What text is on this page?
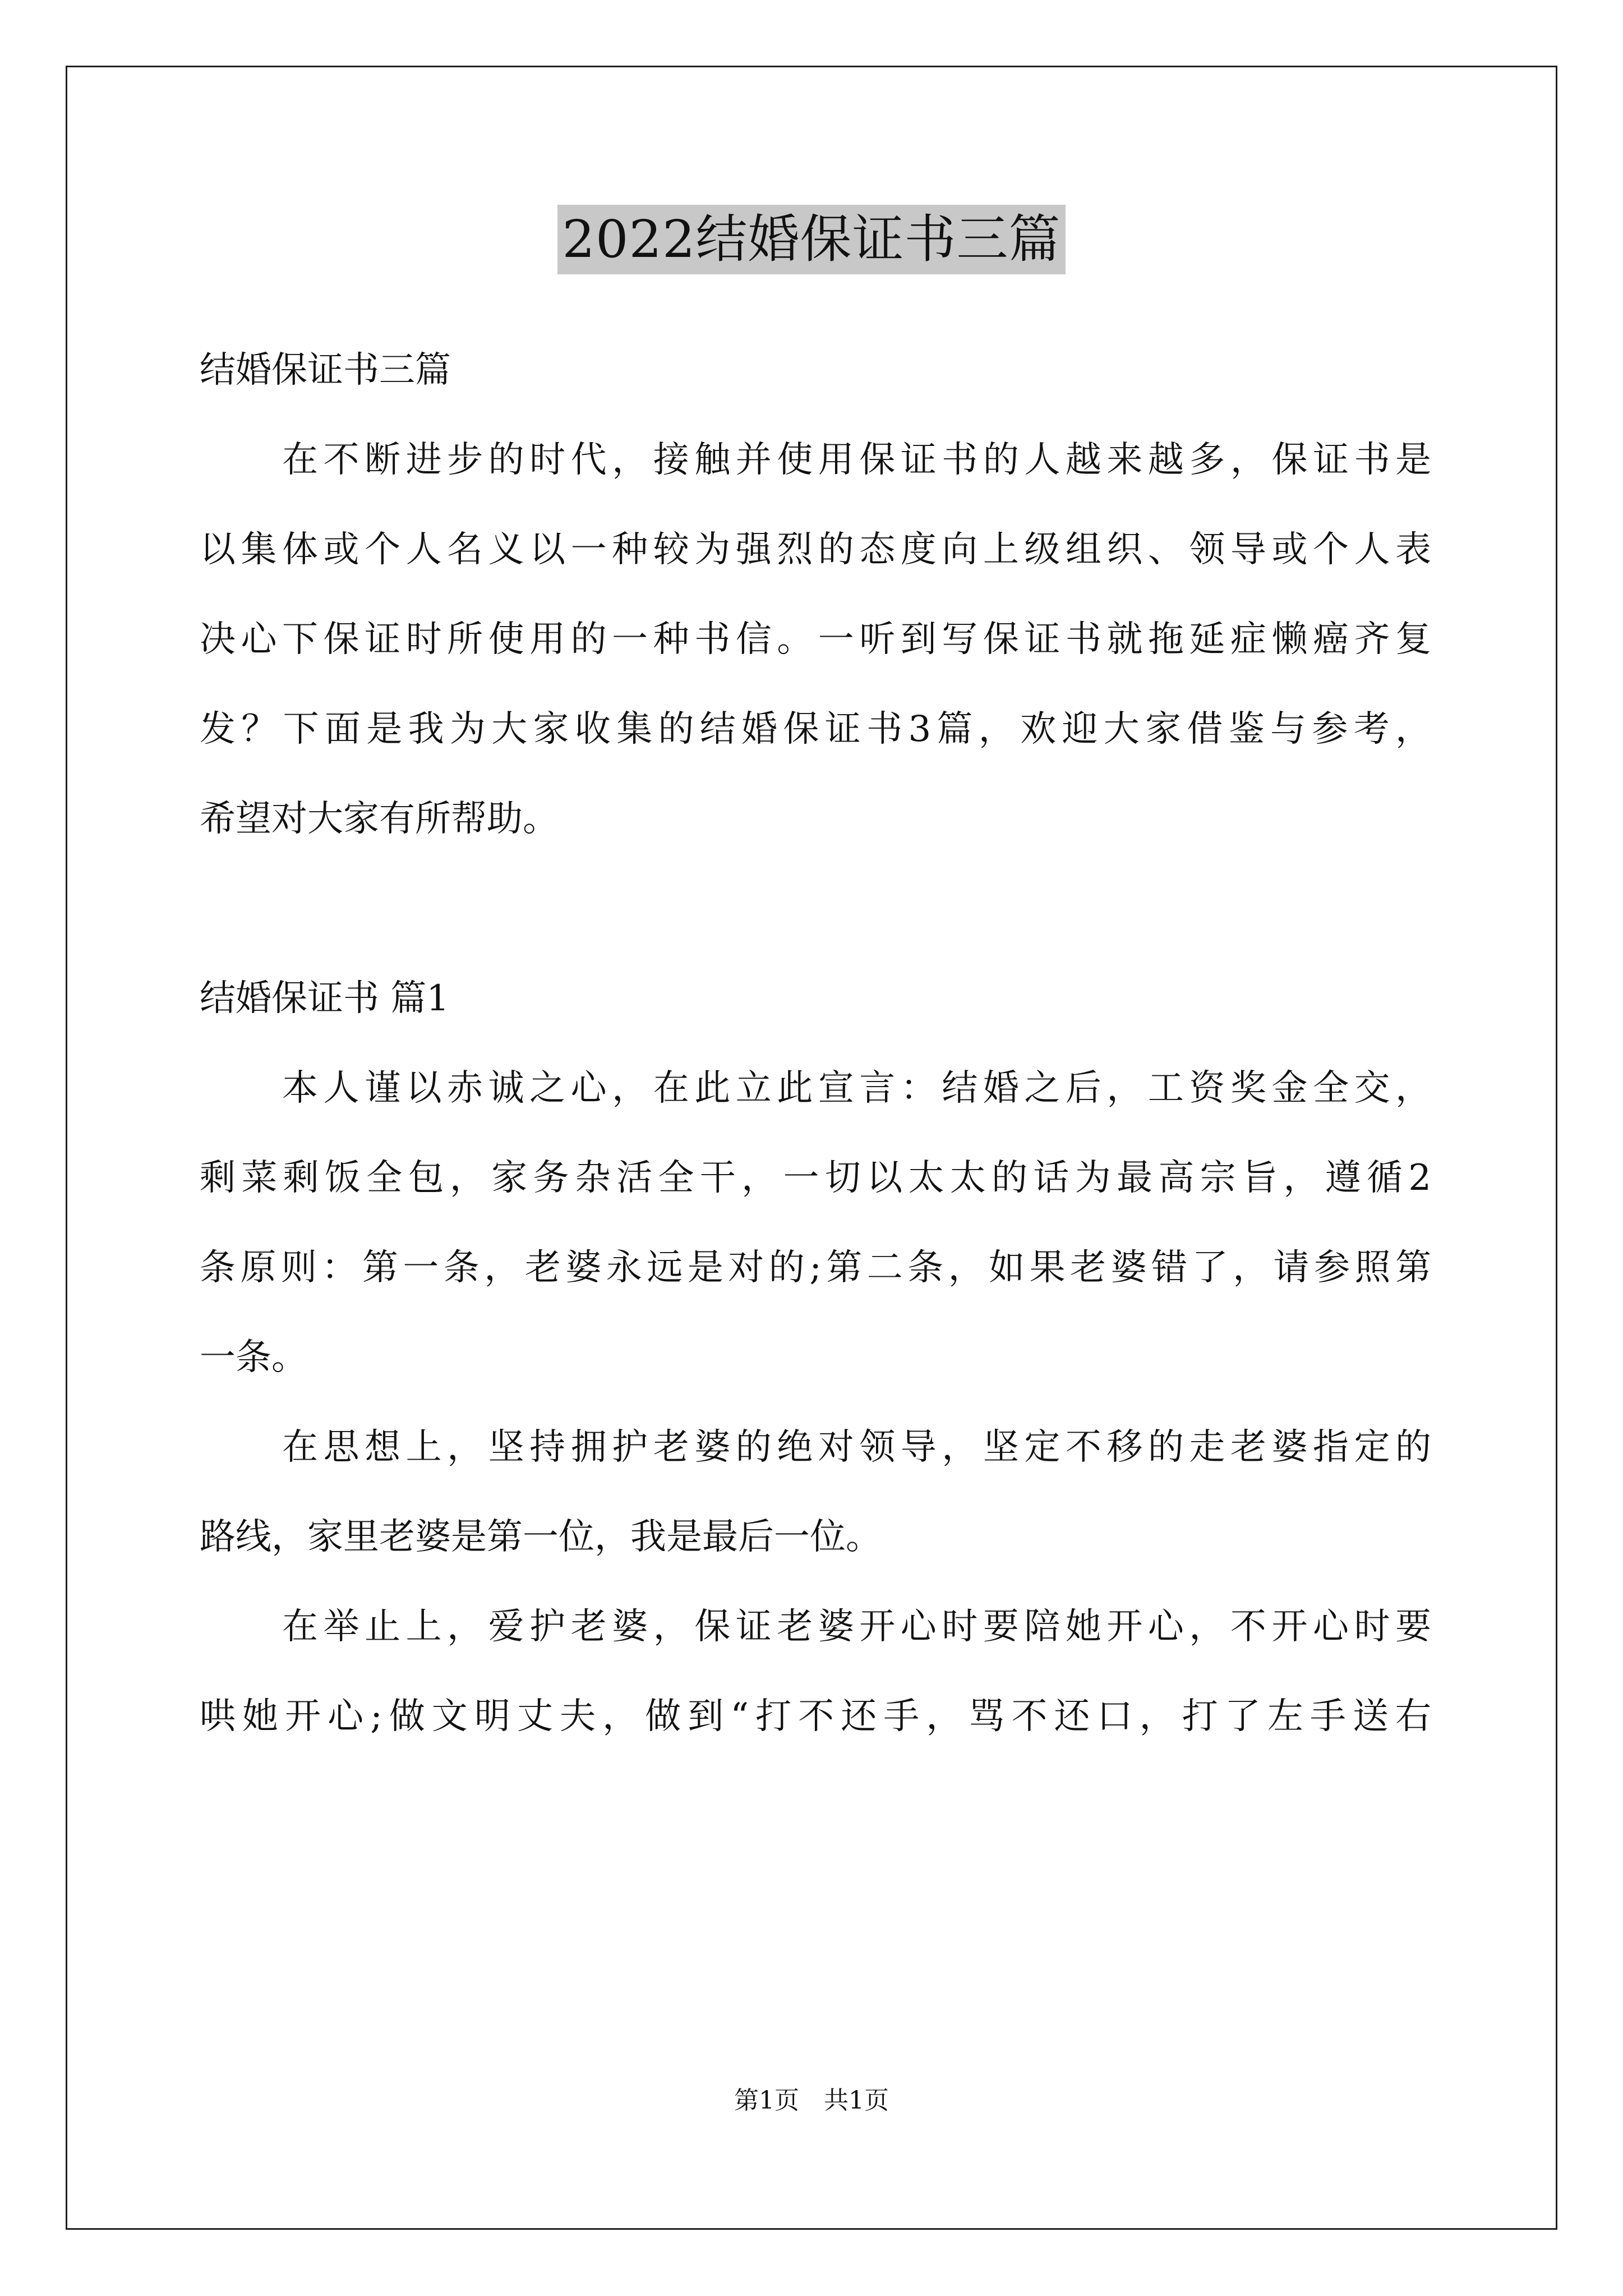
2022结婚保证书三篇
结婚保证书三篇
　　在不断进步的时代，接触并使用保证书的人越来越多，保证书是
以集体或个人名义以一种较为强烈的态度向上级组织、领导或个人表
决心下保证时所使用的一种书信。一听到写保证书就拖延症懒癌齐复
发？下面是我为大家收集的结婚保证书3篇，欢迎大家借鉴与参考，
希望对大家有所帮助。
结婚保证书 篇1
　　本人谨以赤诚之心，在此立此宣言：结婚之后，工资奖金全交，
剩菜剩饭全包，家务杂活全干，一切以太太的话为最高宗旨，遵循2
条原则：第一条，老婆永远是对的;第二条，如果老婆错了，请参照第
一条。
　　在思想上，坚持拥护老婆的绝对领导，坚定不移的走老婆指定的
路线，家里老婆是第一位，我是最后一位。
　　在举止上，爱护老婆，保证老婆开心时要陪她开心，不开心时要
哄她开心;做文明丈夫，做到“打不还手，骂不还口，打了左手送右
第1页　共1页
